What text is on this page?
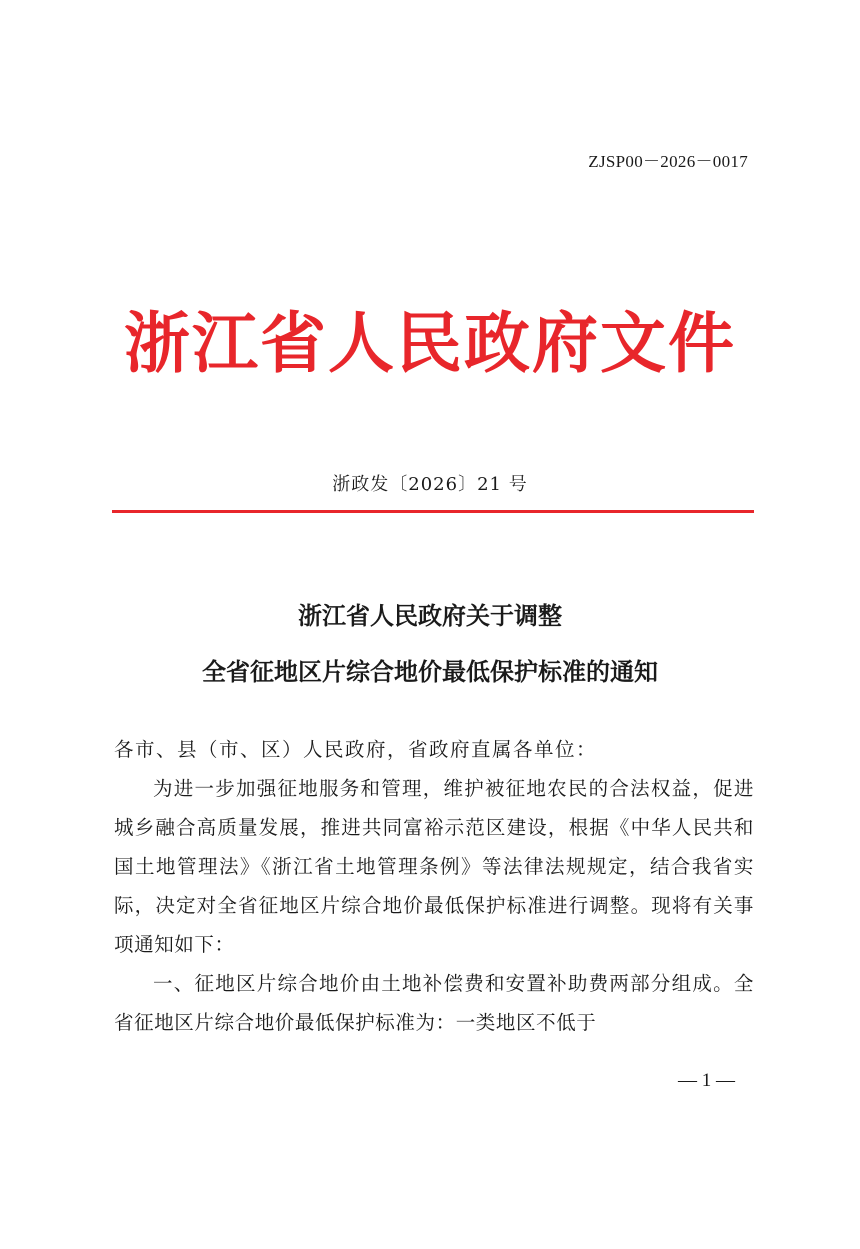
ZJSP00－2026－0017
浙江省人民政府文件
浙政发〔2026〕21 号
浙江省人民政府关于调整
全省征地区片综合地价最低保护标准的通知

各市、县（市、区）人民政府，省政府直属各单位：

为进一步加强征地服务和管理，维护被征地农民的合法权益，促进城乡融合高质量发展，推进共同富裕示范区建设，根据《中华人民共和国土地管理法》《浙江省土地管理条例》等法律法规规定，结合我省实际，决定对全省征地区片综合地价最低保护标准进行调整。现将有关事项通知如下：

一、征地区片综合地价由土地补偿费和安置补助费两部分组成。全省征地区片综合地价最低保护标准为：一类地区不低于

— 1 —
